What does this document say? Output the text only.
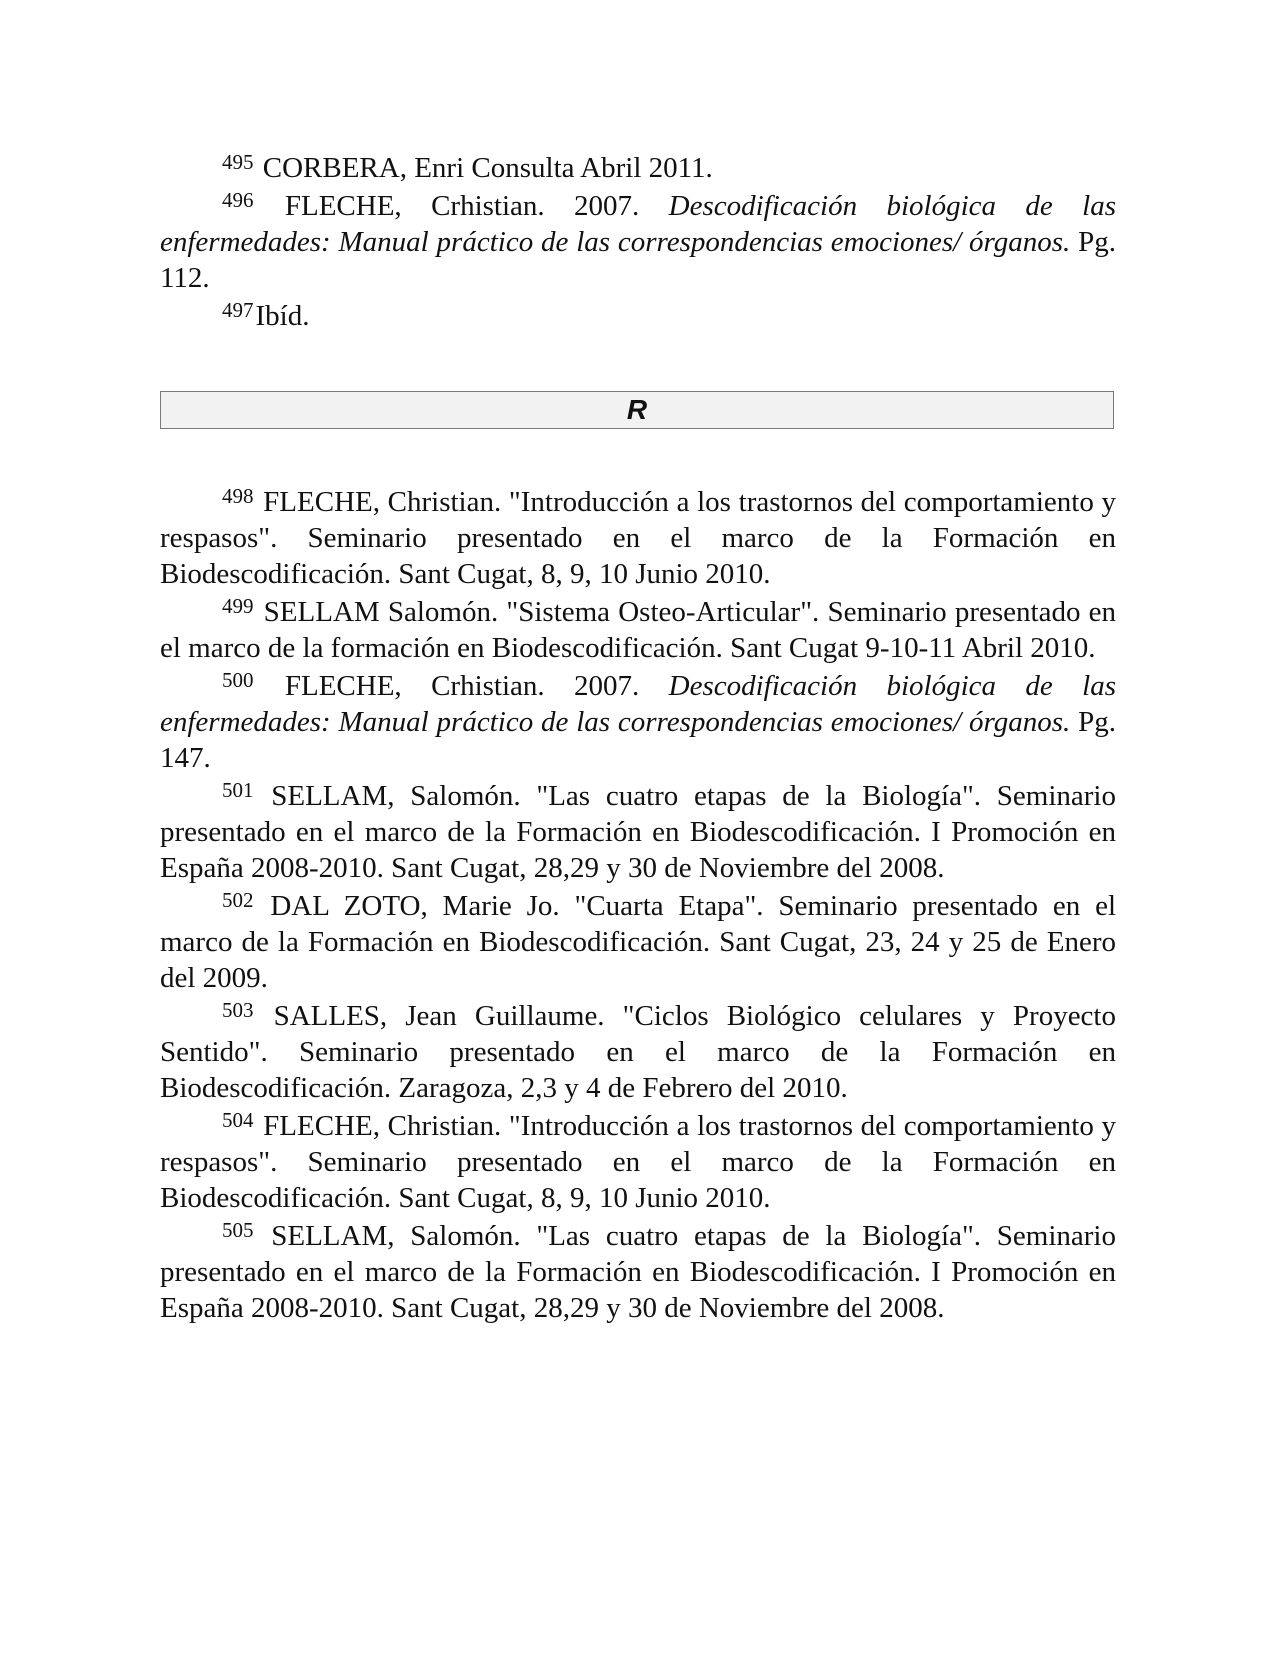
$^{495}$ CORBERA, Enri Consulta Abril 2011.

$^{496}$ FLECHE, Crhistian. 2007. Descodificación biológica de las enfermedades: Manual práctico de las correspondencias emociones/ órganos. Pg. 112.

$^{497}$Ibíd.

R

$^{498}$ FLECHE, Christian. "Introducción a los trastornos del comportamiento y respasos". Seminario presentado en el marco de la Formación en Biodescodificación. Sant Cugat, 8, 9, 10 Junio 2010.

$^{499}$ SELLAM Salomón. "Sistema Osteo-Articular". Seminario presentado en el marco de la formación en Biodescodificación. Sant Cugat 9-10-11 Abril 2010.

$^{500}$ FLECHE, Crhistian. 2007. Descodificación biológica de las enfermedades: Manual práctico de las correspondencias emociones/ órganos. Pg. 147.

$^{501}$ SELLAM, Salomón. "Las cuatro etapas de la Biología". Seminario presentado en el marco de la Formación en Biodescodificación. I Promoción en España 2008-2010. Sant Cugat, 28,29 y 30 de Noviembre del 2008.

$^{502}$ DAL ZOTO, Marie Jo. "Cuarta Etapa". Seminario presentado en el marco de la Formación en Biodescodificación. Sant Cugat, 23, 24 y 25 de Enero del 2009.

$^{503}$ SALLES, Jean Guillaume. "Ciclos Biológico celulares y Proyecto Sentido". Seminario presentado en el marco de la Formación en Biodescodificación. Zaragoza, 2,3 y 4 de Febrero del 2010.

$^{504}$ FLECHE, Christian. "Introducción a los trastornos del comportamiento y respasos". Seminario presentado en el marco de la Formación en Biodescodificación. Sant Cugat, 8, 9, 10 Junio 2010.

$^{505}$ SELLAM, Salomón. "Las cuatro etapas de la Biología". Seminario presentado en el marco de la Formación en Biodescodificación. I Promoción en España 2008-2010. Sant Cugat, 28,29 y 30 de Noviembre del 2008.
